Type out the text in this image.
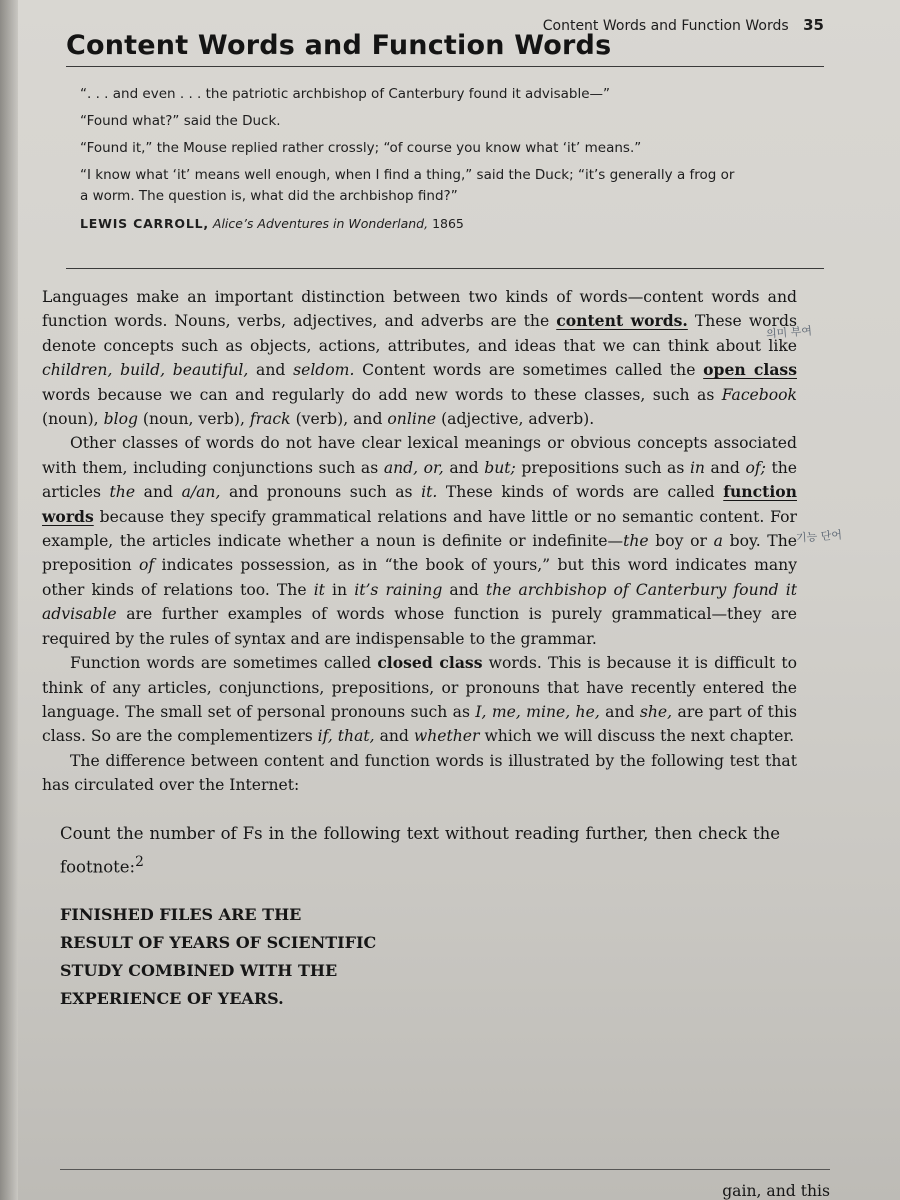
Content Words and Function Words 35
Content Words and Function Words

“. . . and even . . . the patriotic archbishop of Canterbury found it advisable—”

“Found what?” said the Duck.

“Found it,” the Mouse replied rather crossly; “of course you know what ‘it’ means.”

“I know what ‘it’ means well enough, when I find a thing,” said the Duck; “it’s generally a frog or a worm. The question is, what did the archbishop find?”

LEWIS CARROLL, Alice’s Adventures in Wonderland, 1865

Languages make an important distinction between two kinds of words—content words and function words. Nouns, verbs, adjectives, and adverbs are the content words. These words denote concepts such as objects, actions, attributes, and ideas that we can think about like children, build, beautiful, and seldom. Content words are sometimes called the open class words because we can and regularly do add new words to these classes, such as Facebook (noun), blog (noun, verb), frack (verb), and online (adjective, adverb).

Other classes of words do not have clear lexical meanings or obvious concepts associated with them, including conjunctions such as and, or, and but; prepositions such as in and of; the articles the and a/an, and pronouns such as it. These kinds of words are called function words because they specify grammatical relations and have little or no semantic content. For example, the articles indicate whether a noun is definite or indefinite—the boy or a boy. The preposition of indicates possession, as in “the book of yours,” but this word indicates many other kinds of relations too. The it in it’s raining and the archbishop of Canterbury found it advisable are further examples of words whose function is purely grammatical—they are required by the rules of syntax and are indispensable to the grammar.

Function words are sometimes called closed class words. This is because it is difficult to think of any articles, conjunctions, prepositions, or pronouns that have recently entered the language. The small set of personal pronouns such as I, me, mine, he, and she, are part of this class. So are the complementizers if, that, and whether which we will discuss the next chapter.

The difference between content and function words is illustrated by the following test that has circulated over the Internet:

Count the number of Fs in the following text without reading further, then check the footnote:$^2$

FINISHED FILES ARE THE
RESULT OF YEARS OF SCIENTIFIC
STUDY COMBINED WITH THE
EXPERIENCE OF YEARS.
의미 부여
기능 단어
gain, and this
